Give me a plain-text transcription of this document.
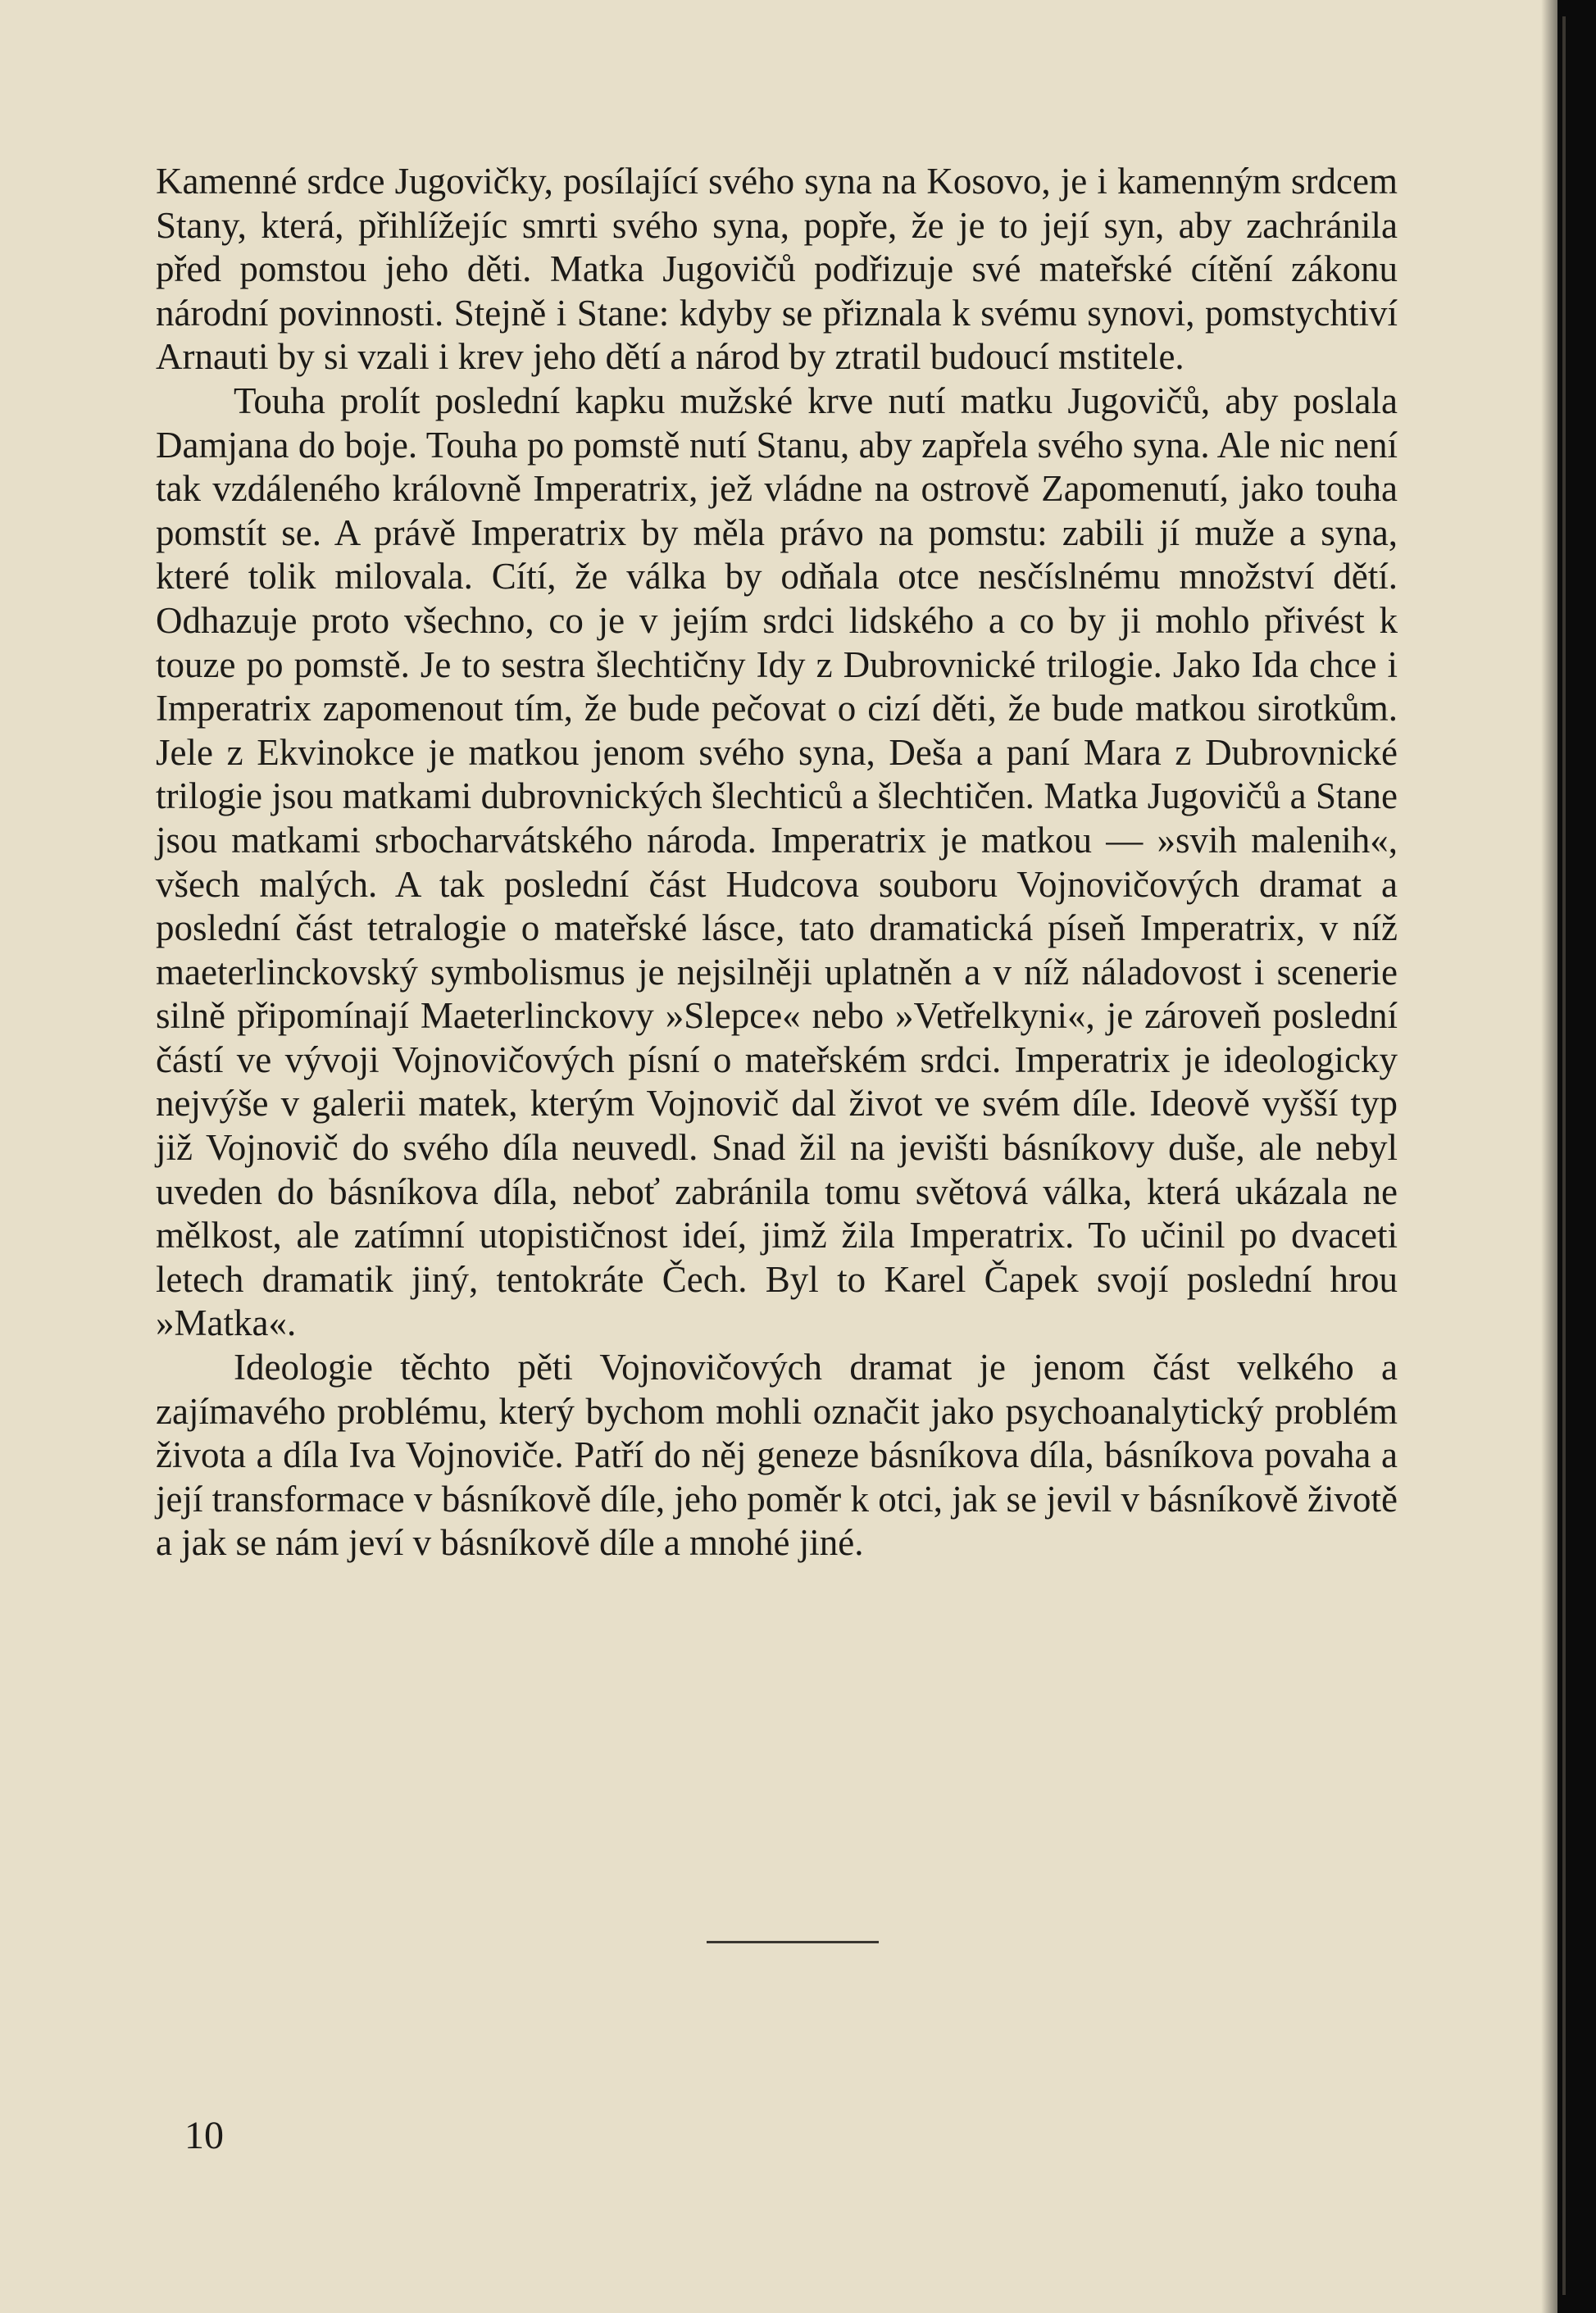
Kamenné srdce Jugovičky, posílající svého syna na Kosovo, je i kamenným srdcem Stany, která, přihlížejíc smrti svého syna, popře, že je to její syn, aby zachránila před pomstou jeho děti. Matka Jugovičů podřizuje své mateřské cítění zákonu národní povinnosti. Stejně i Stane: kdyby se přiznala k svému synovi, pomstychtiví Arnauti by si vzali i krev jeho dětí a národ by ztratil budoucí mstitele.

Touha prolít poslední kapku mužské krve nutí matku Jugovičů, aby poslala Damjana do boje. Touha po pomstě nutí Stanu, aby zapřela svého syna. Ale nic není tak vzdáleného královně Imperatrix, jež vládne na ostrově Zapomenutí, jako touha pomstít se. A právě Imperatrix by měla právo na pomstu: zabili jí muže a syna, které tolik milovala. Cítí, že válka by odňala otce nesčíslnému množství dětí. Odhazuje proto všechno, co je v jejím srdci lidského a co by ji mohlo přivést k touze po pomstě. Je to sestra šlechtičny Idy z Dubrovnické trilogie. Jako Ida chce i Imperatrix zapomenout tím, že bude pečovat o cizí děti, že bude matkou sirotkům. Jele z Ekvinokce je matkou jenom svého syna, Deša a paní Mara z Dubrovnické trilogie jsou matkami dubrovnických šlechticů a šlechtičen. Matka Jugovičů a Stane jsou matkami srbocharvátského národa. Imperatrix je matkou — »svih malenih«, všech malých. A tak poslední část Hudcova souboru Vojnovičových dramat a poslední část tetralogie o mateřské lásce, tato dramatická píseň Imperatrix, v níž maeterlinckovský symbolismus je nejsilněji uplatněn a v níž náladovost i scenerie silně připomínají Maeterlinckovy »Slepce« nebo »Vetřelkyni«, je zároveň poslední částí ve vývoji Vojnovičových písní o mateřském srdci. Imperatrix je ideologicky nejvýše v galerii matek, kterým Vojnovič dal život ve svém díle. Ideově vyšší typ již Vojnovič do svého díla neuvedl. Snad žil na jevišti básníkovy duše, ale nebyl uveden do básníkova díla, neboť zabránila tomu světová válka, která ukázala ne mělkost, ale zatímní utopističnost ideí, jimž žila Imperatrix. To učinil po dvaceti letech dramatik jiný, tentokráte Čech. Byl to Karel Čapek svojí poslední hrou »Matka«.

Ideologie těchto pěti Vojnovičových dramat je jenom část velkého a zajímavého problému, který bychom mohli označit jako psychoanalytický problém života a díla Iva Vojnoviče. Patří do něj geneze básníkova díla, básníkova povaha a její transformace v básníkově díle, jeho poměr k otci, jak se jevil v básníkově životě a jak se nám jeví v básníkově díle a mnohé jiné.

10
